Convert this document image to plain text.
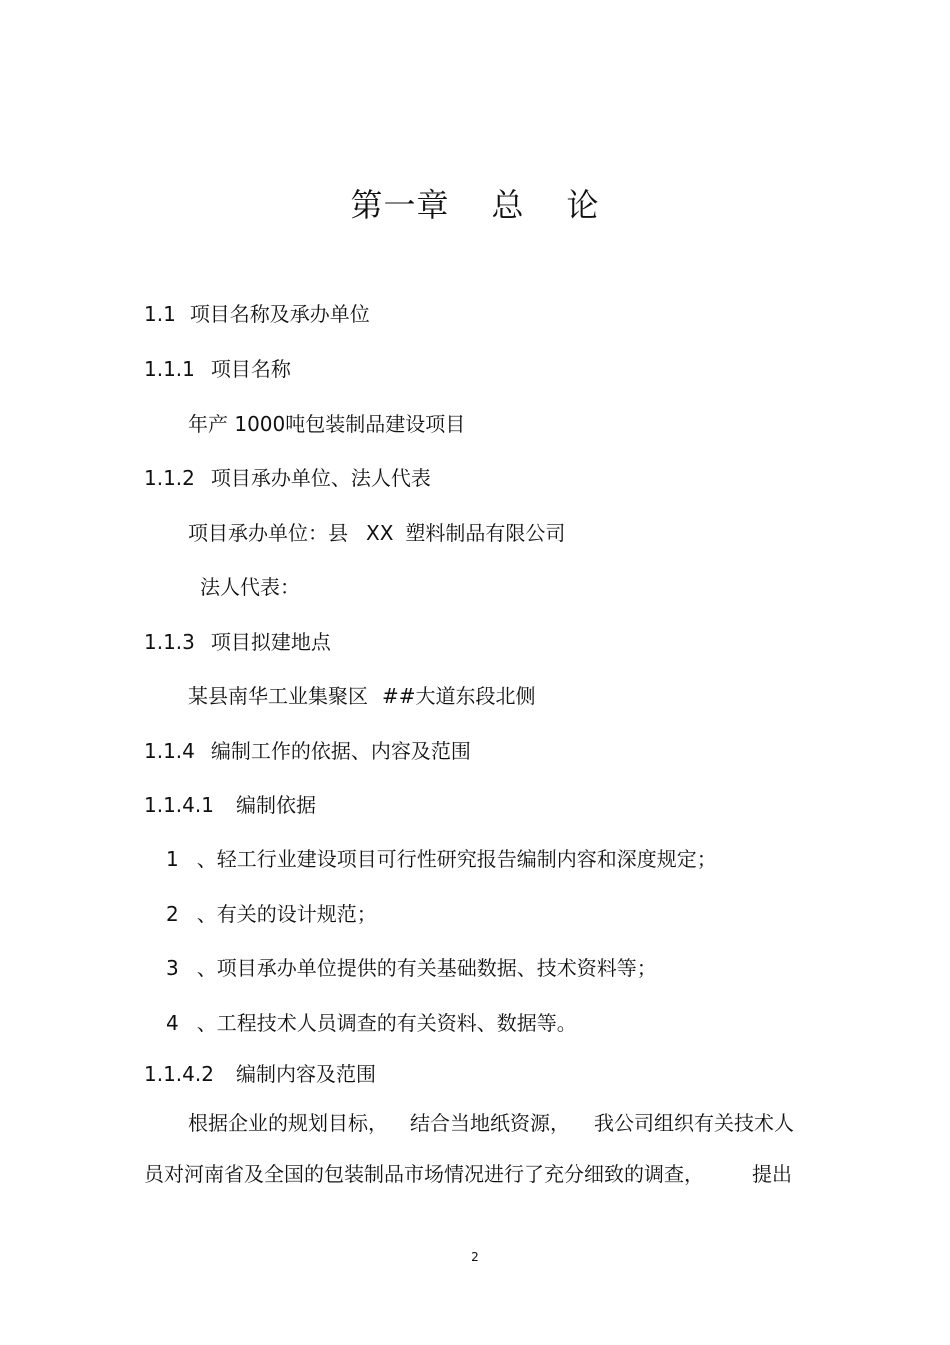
第一章 总 论
1.1 项目名称及承办单位
1.1.1 项目名称
年产 1000吨包装制品建设项目
1.1.2 项目承办单位、法人代表
项目承办单位：县 XX 塑料制品有限公司
法人代表：
1.1.3 项目拟建地点
某县南华工业集聚区 ##大道东段北侧
1.1.4 编制工作的依据、内容及范围
1.1.4.1 编制依据
1 、轻工行业建设项目可行性研究报告编制内容和深度规定；
2 、有关的设计规范；
3 、项目承办单位提供的有关基础数据、技术资料等；
4 、工程技术人员调查的有关资料、数据等。
1.1.4.2 编制内容及范围
根据企业的规划目标， 结合当地纸资源， 我公司组织有关技术人
员对河南省及全国的包装制品市场情况进行了充分细致的调查， 提出
2
